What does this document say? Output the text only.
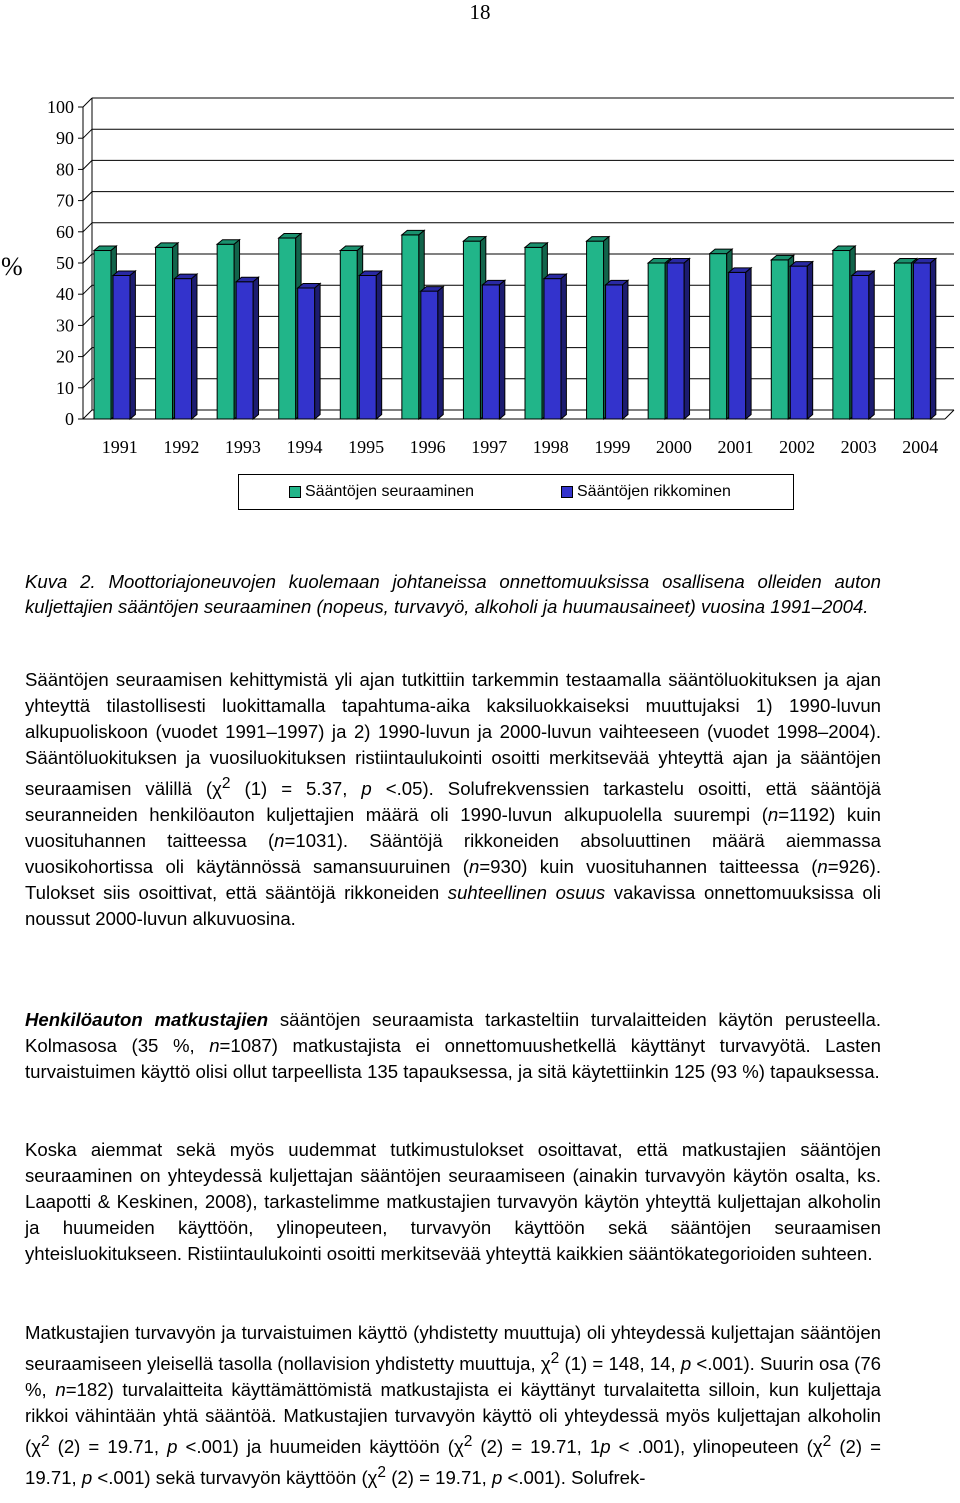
18
%
0
10
20
30
40
50
60
70
80
90
100
1991 1992 1993 1994 1995 1996 1997 1998 1999 2000 2001 2002 2003 2004
Sääntöjen seuraaminen	Sääntöjen rikkominen

Kuva 2. Moottoriajoneuvojen kuolemaan johtaneissa onnettomuuksissa osallisena olleiden auton kuljettajien sääntöjen seuraaminen (nopeus, turvavyö, alkoholi ja huumausaineet) vuosina 1991–2004.

Sääntöjen seuraamisen kehittymistä yli ajan tutkittiin tarkemmin testaamalla sääntöluokituksen ja ajan yhteyttä tilastollisesti luokittamalla tapahtuma-aika kaksiluokkaiseksi muuttujaksi 1) 1990-luvun alkupuoliskoon (vuodet 1991–1997) ja 2) 1990-luvun ja 2000-luvun vaihteeseen (vuodet 1998–2004). Sääntöluokituksen ja vuosiluokituksen ristiintaulukointi osoitti merkitsevää yhteyttä ajan ja sääntöjen seuraamisen välillä ($\chi^2$ (1) = 5.37, p <.05). Solufrekvenssien tarkastelu osoitti, että sääntöjä seuranneiden henkilöauton kuljettajien määrä oli 1990-luvun alkupuolella suurempi (n=1192) kuin vuosituhannen taitteessa (n=1031). Sääntöjä rikkoneiden absoluuttinen määrä aiemmassa vuosikohortissa oli käytännössä samansuuruinen (n=930) kuin vuosituhannen taitteessa (n=926). Tulokset siis osoittivat, että sääntöjä rikkoneiden suhteellinen osuus vakavissa onnettomuuksissa oli noussut 2000-luvun alkuvuosina.

Henkilöauton matkustajien sääntöjen seuraamista tarkasteltiin turvalaitteiden käytön perusteella. Kolmasosa (35 %, n=1087) matkustajista ei onnettomuushetkellä käyttänyt turvavyötä. Lasten turvaistuimen käyttö olisi ollut tarpeellista 135 tapauksessa, ja sitä käytettiinkin 125 (93 %) tapauksessa.

Koska aiemmat sekä myös uudemmat tutkimustulokset osoittavat, että matkustajien sääntöjen seuraaminen on yhteydessä kuljettajan sääntöjen seuraamiseen (ainakin turvavyön käytön osalta, ks. Laapotti & Keskinen, 2008), tarkastelimme matkustajien turvavyön käytön yhteyttä kuljettajan alkoholin ja huumeiden käyttöön, ylinopeuteen, turvavyön käyttöön sekä sääntöjen seuraamisen yhteisluokitukseen. Ristiintaulukointi osoitti merkitsevää yhteyttä kaikkien sääntökategorioiden suhteen.

Matkustajien turvavyön ja turvaistuimen käyttö (yhdistetty muuttuja) oli yhteydessä kuljettajan sääntöjen seuraamiseen yleisellä tasolla (nollavision yhdistetty muuttuja, $\chi^2$ (1) = 148, 14, p <.001). Suurin osa (76 %, n=182) turvalaitteita käyttämättömistä matkustajista ei käyttänyt turvalaitetta silloin, kun kuljettaja rikkoi vähintään yhtä sääntöä. Matkustajien turvavyön käyttö oli yhteydessä myös kuljettajan alkoholin ($\chi^2$ (2) = 19.71, p <.001) ja huumeiden käyttöön ($\chi^2$ (2) = 19.71, 1p < .001), ylinopeuteen ($\chi^2$ (2) = 19.71, p <.001) sekä turvavyön käyttöön ($\chi^2$ (2) = 19.71, p <.001). Solufrek-
